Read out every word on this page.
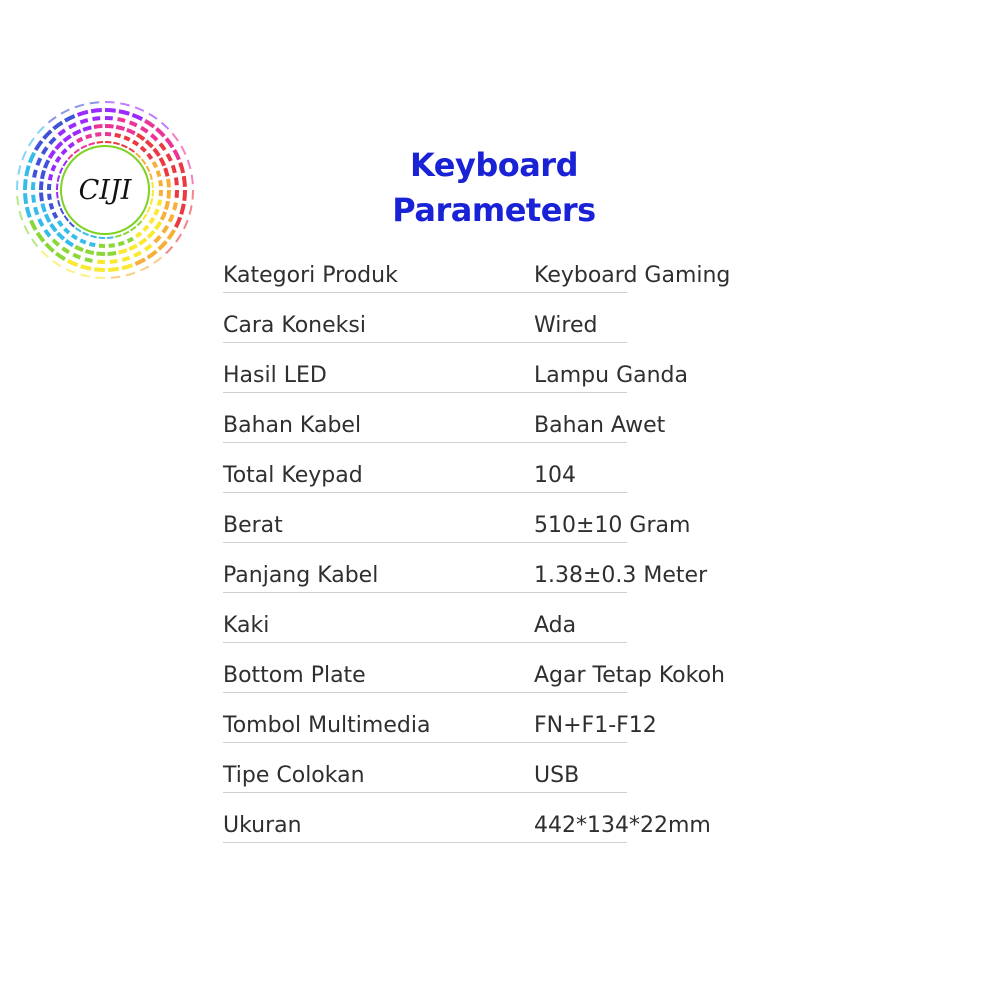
CIJI
Keyboard
Parameters
Kategori Produk	Keyboard Gaming
Cara Koneksi	Wired
Hasil LED	Lampu Ganda
Bahan Kabel	Bahan Awet
Total Keypad	104
Berat	510±10 Gram
Panjang Kabel	1.38±0.3 Meter
Kaki	Ada
Bottom Plate	Agar Tetap Kokoh
Tombol Multimedia	FN+F1-F12
Tipe Colokan	USB
Ukuran	442*134*22mm
